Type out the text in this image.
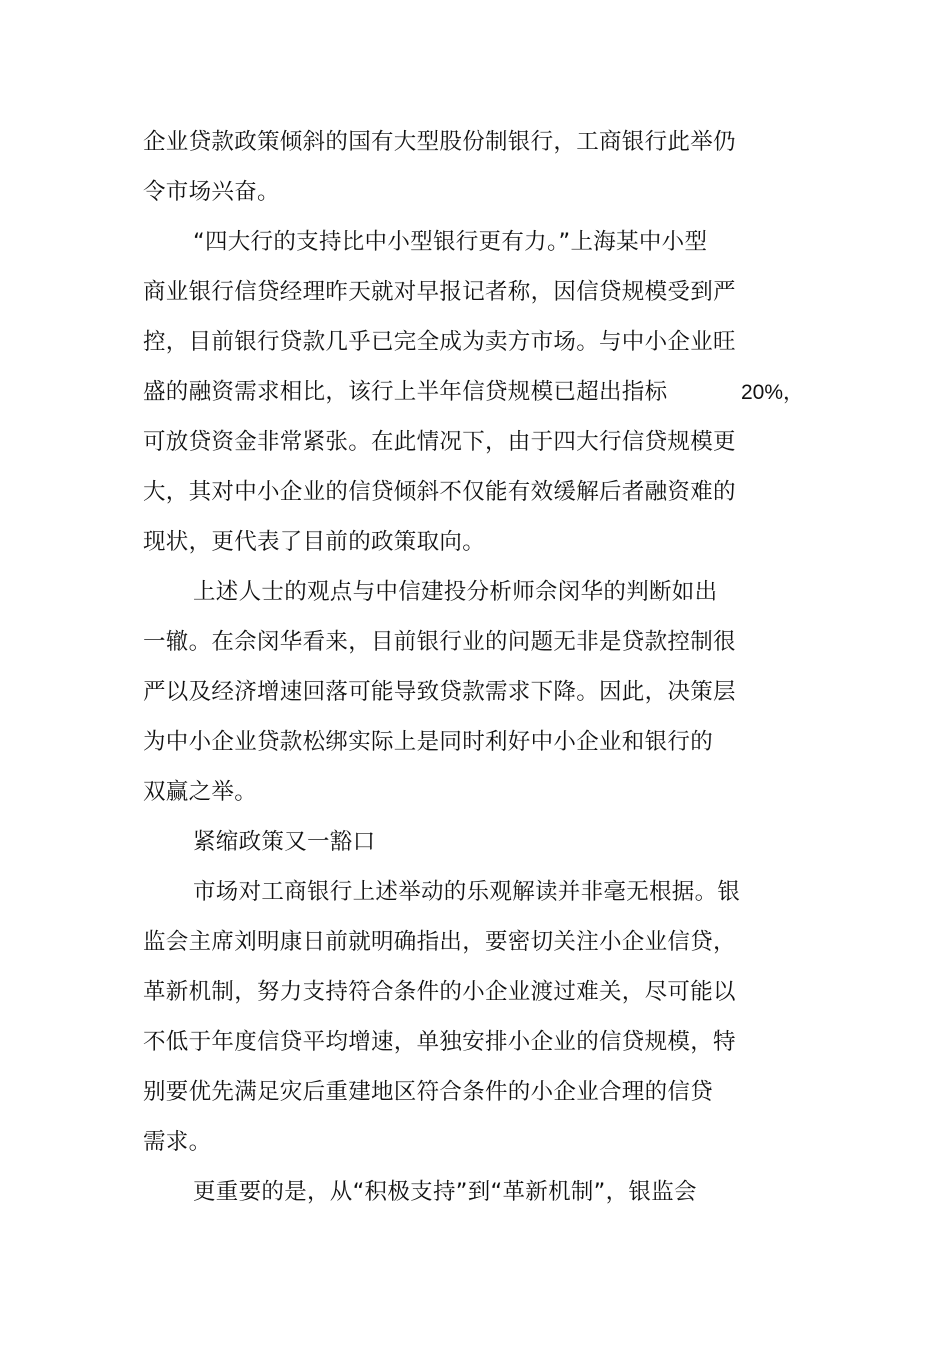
企业贷款政策倾斜的国有大型股份制银行，工商银行此举仍
令市场兴奋。
“四大行的支持比中小型银行更有力。”上海某中小型
商业银行信贷经理昨天就对早报记者称，因信贷规模受到严
控，目前银行贷款几乎已完全成为卖方市场。与中小企业旺
盛的融资需求相比，该行上半年信贷规模已超出指标	20%，
可放贷资金非常紧张。在此情况下，由于四大行信贷规模更
大，其对中小企业的信贷倾斜不仅能有效缓解后者融资难的
现状，更代表了目前的政策取向。
上述人士的观点与中信建投分析师佘闵华的判断如出
一辙。在佘闵华看来，目前银行业的问题无非是贷款控制很
严以及经济增速回落可能导致贷款需求下降。因此，决策层
为中小企业贷款松绑实际上是同时利好中小企业和银行的
双赢之举。
紧缩政策又一豁口
市场对工商银行上述举动的乐观解读并非毫无根据。银
监会主席刘明康日前就明确指出，要密切关注小企业信贷，
革新机制，努力支持符合条件的小企业渡过难关，尽可能以
不低于年度信贷平均增速，单独安排小企业的信贷规模，特
别要优先满足灾后重建地区符合条件的小企业合理的信贷
需求。
更重要的是，从“积极支持”到“革新机制”，银监会
